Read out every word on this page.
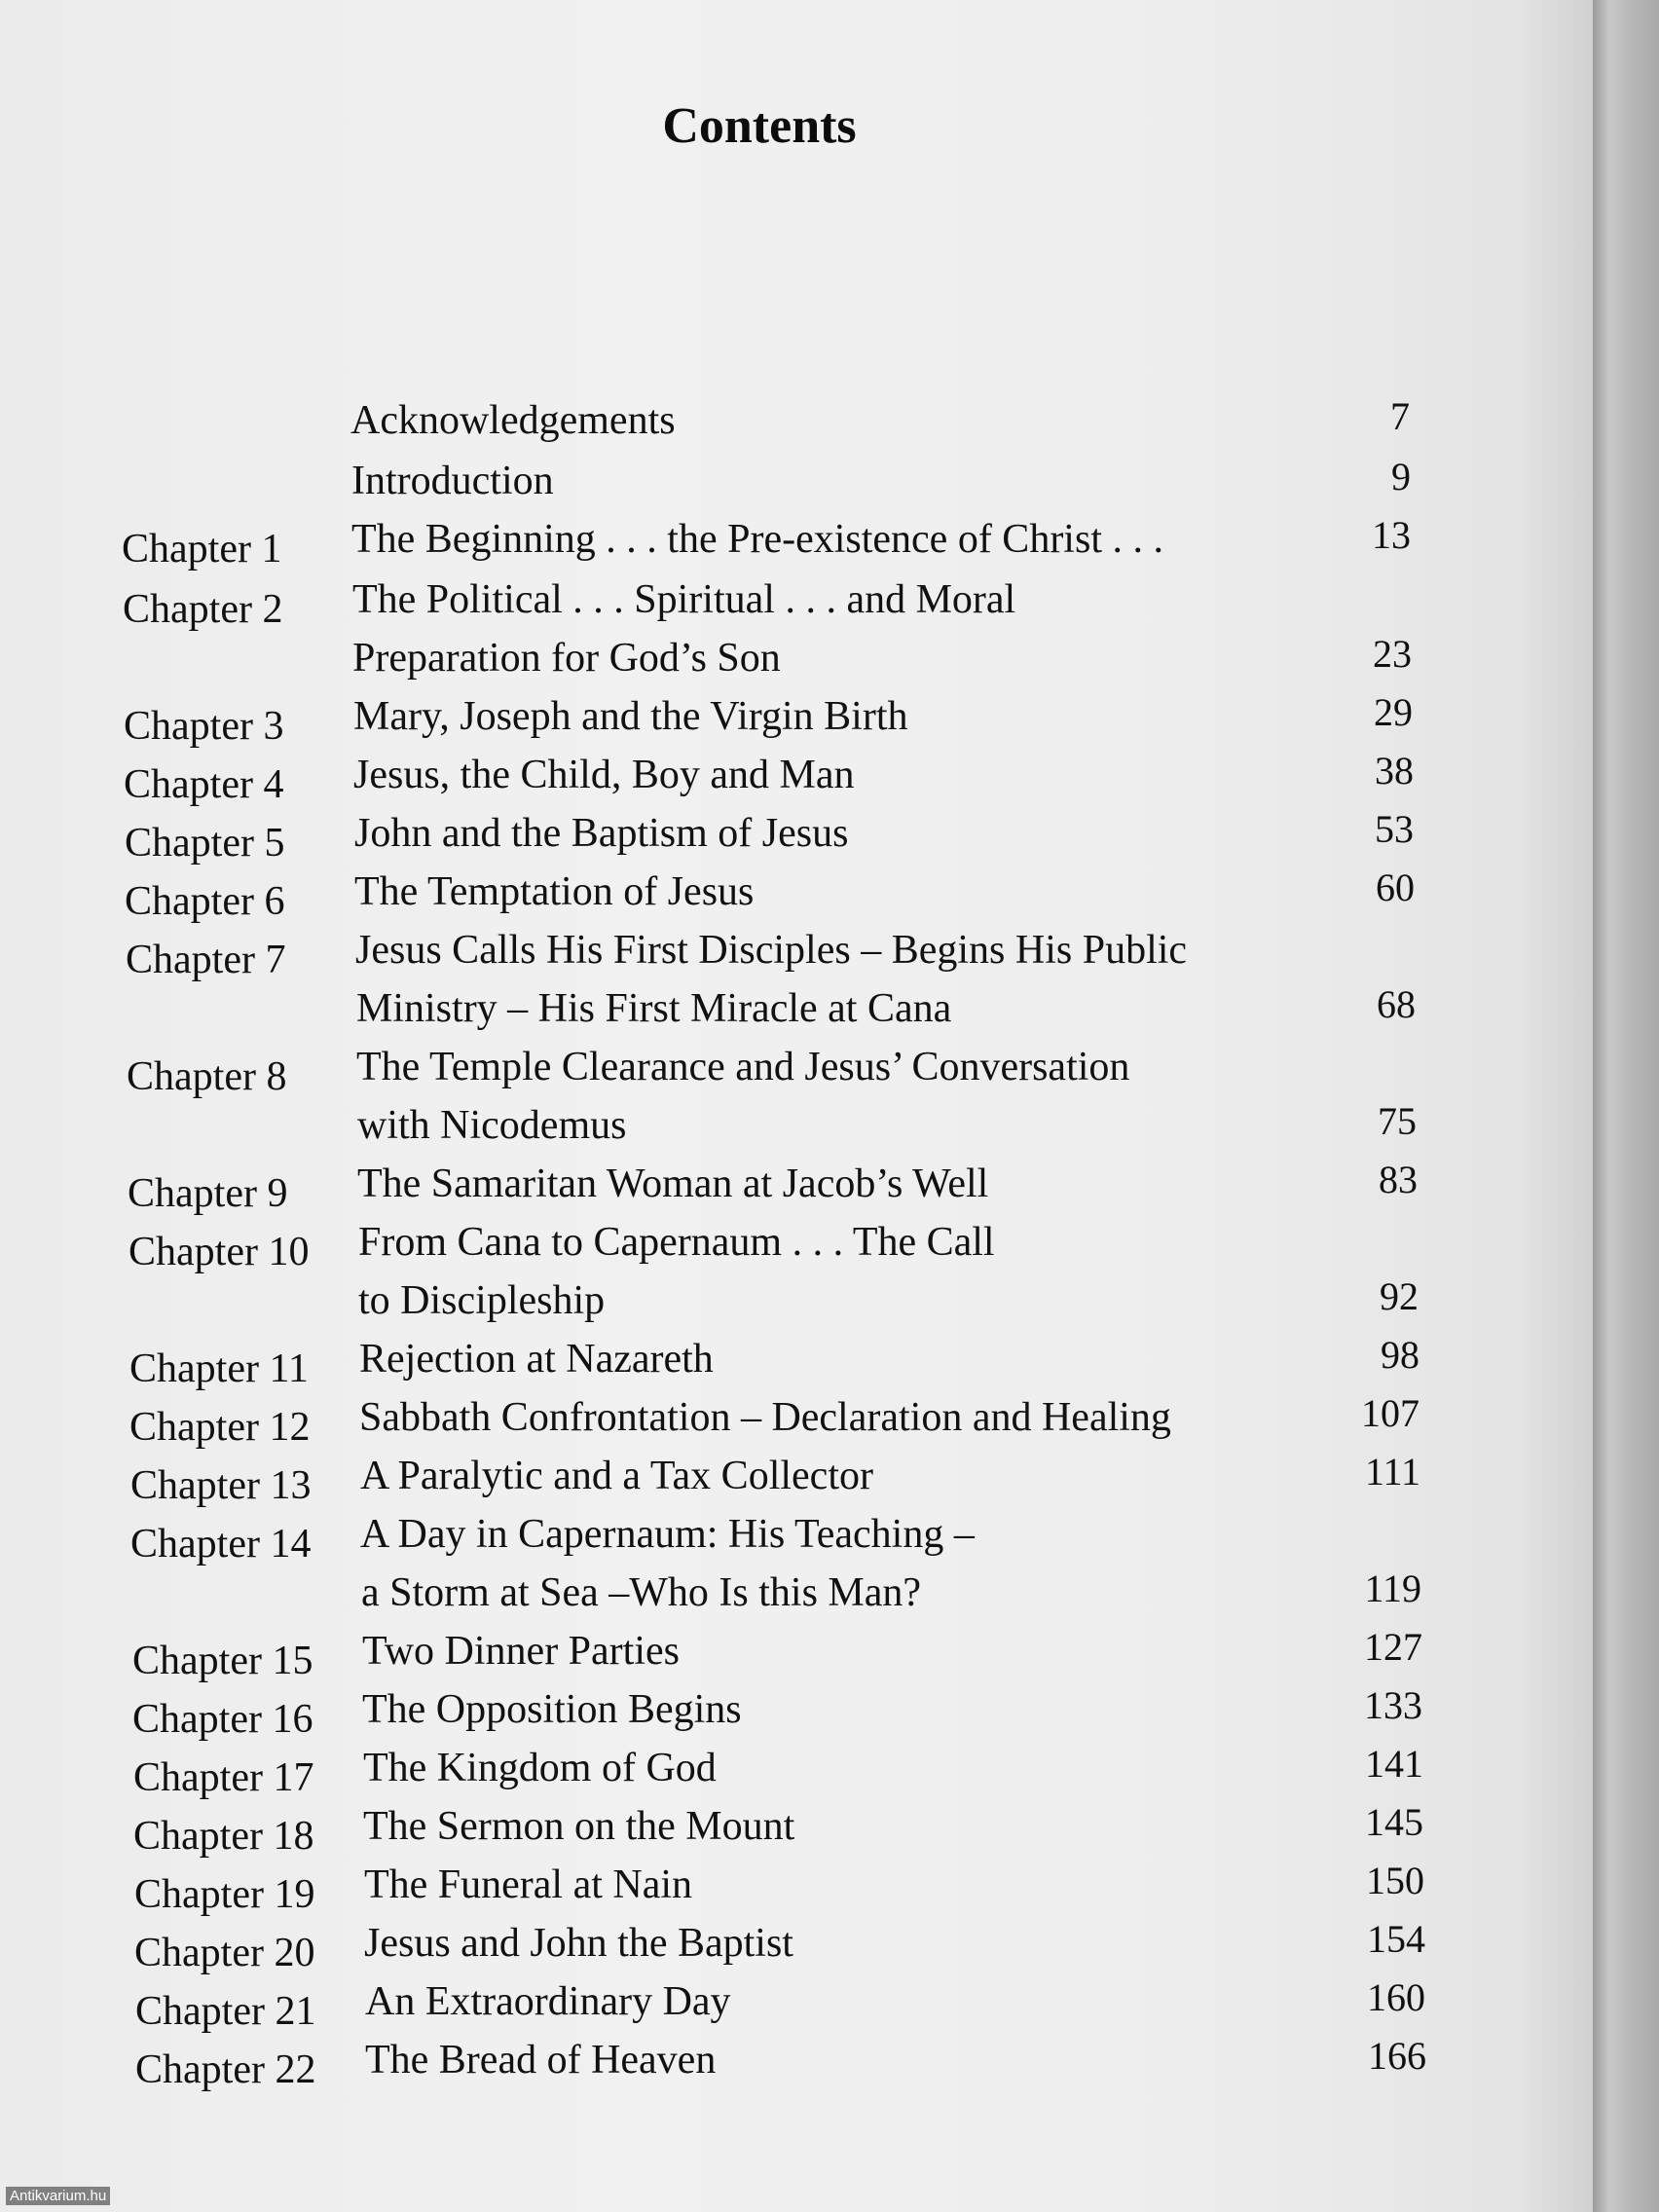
Contents
Acknowledgements	7
Introduction	9
Chapter 1 The Beginning . . . the Pre-existence of Christ . . .	13
Chapter 2 The Political . . . Spiritual . . . and Moral
Preparation for God’s Son	23
Chapter 3 Mary, Joseph and the Virgin Birth	29
Chapter 4 Jesus, the Child, Boy and Man	38
Chapter 5 John and the Baptism of Jesus	53
Chapter 6 The Temptation of Jesus	60
Chapter 7 Jesus Calls His First Disciples – Begins His Public
Ministry – His First Miracle at Cana	68
Chapter 8 The Temple Clearance and Jesus’ Conversation
with Nicodemus	75
Chapter 9 The Samaritan Woman at Jacob’s Well	83
Chapter 10 From Cana to Capernaum . . . The Call
to Discipleship	92
Chapter 11 Rejection at Nazareth	98
Chapter 12 Sabbath Confrontation – Declaration and Healing	107
Chapter 13 A Paralytic and a Tax Collector	111
Chapter 14 A Day in Capernaum: His Teaching –
a Storm at Sea –Who Is this Man?	119
Chapter 15 Two Dinner Parties	127
Chapter 16 The Opposition Begins	133
Chapter 17 The Kingdom of God	141
Chapter 18 The Sermon on the Mount	145
Chapter 19 The Funeral at Nain	150
Chapter 20 Jesus and John the Baptist	154
Chapter 21 An Extraordinary Day	160
Chapter 22 The Bread of Heaven	166
Antikvarium.hu
